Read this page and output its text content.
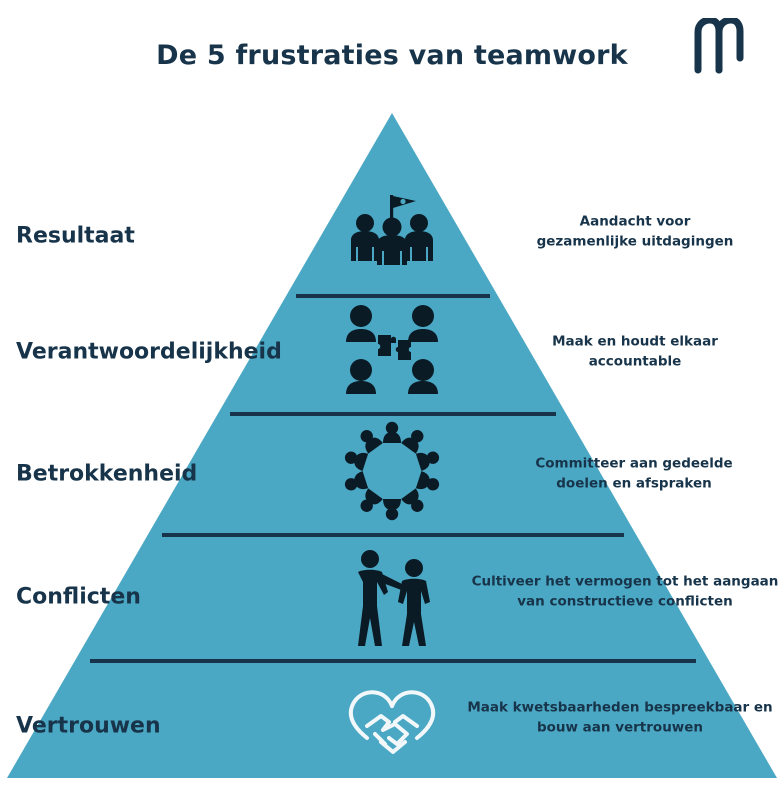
De 5 frustraties van teamwork
Resultaat
Aandacht voor
gezamenlijke uitdagingen
Verantwoordelijkheid	Maak en houdt elkaar
accountable
Betrokkenheid	Committeer aan gedeelde
doelen en afspraken
Conflicten
Cultiveer het vermogen tot het aangaan
van constructieve conflicten
Vertrouwen
Maak kwetsbaarheden bespreekbaar en
bouw aan vertrouwen
